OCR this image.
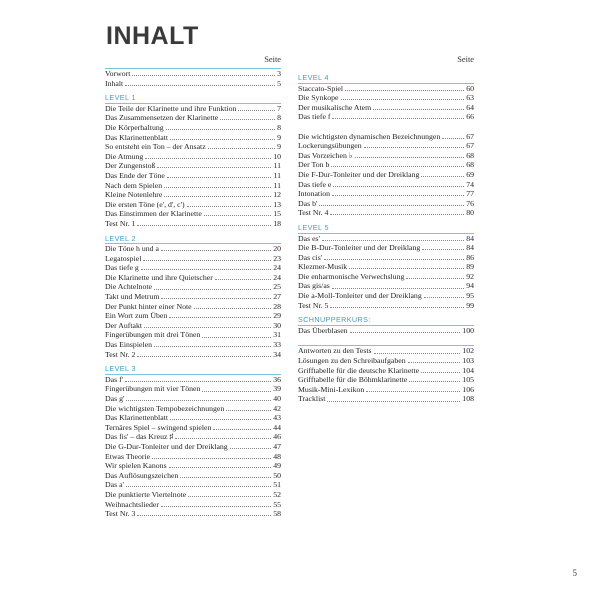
INHALT
Seite
Vorwort	3
Inhalt	5
LEVEL 1
Die Teile der Klarinette und ihre Funktion	7
Das Zusammensetzen der Klarinette	8
Die Körperhaltung	8
Das Klarinettenblatt	9
So entsteht ein Ton – der Ansatz	9
Die Atmung	10
Der Zungenstoß	11
Das Ende der Töne	11
Nach dem Spielen	11
Kleine Notenlehre	12
Die ersten Töne (e', d', c')	13
Das Einstimmen der Klarinette	15
Test Nr. 1	18
LEVEL 2
Die Töne h und a	20
Legatospiel	23
Das tiefe g	24
Die Klarinette und ihre Quietscher	24
Die Achtelnote	25
Takt und Metrum	27
Der Punkt hinter einer Note	28
Ein Wort zum Üben	29
Der Auftakt	30
Fingerübungen mit drei Tönen	31
Das Einspielen	33
Test Nr. 2	34
LEVEL 3
Das f'	36
Fingerübungen mit vier Tönen	39
Das g'	40
Die wichtigsten Tempobezeichnungen	42
Das Klarinettenblatt	43
Ternäres Spiel – swingend spielen	44
Das fis' – das Kreuz ♯	46
Die G-Dur-Tonleiter und der Dreiklang	47
Etwas Theorie	48
Wir spielen Kanons	49
Das Auflösungszeichen	50
Das a'	51
Die punktierte Viertelnote	52
Weihnachtslieder	55
Test Nr. 3	58
Seite
LEVEL 4
Staccato-Spiel	60
Die Synkope	63
Der musikalische Atem	64
Das tiefe f	66
Die wichtigsten dynamischen Bezeichnungen	67
Lockerungsübungen	67
Das Vorzeichen ♭	68
Der Ton b	68
Die F-Dur-Tonleiter und der Dreiklang	69
Das tiefe e	74
Intonation	77
Das b'	76
Test Nr. 4	80
LEVEL 5
Das es'	84
Die B-Dur-Tonleiter und der Dreiklang	84
Das cis'	86
Klezmer-Musik	89
Die enharmonische Verwechslung	92
Das gis/as	94
Die a-Moll-Tonleiter und der Dreiklang	95
Test Nr. 5	99
SCHNUPPERKURS:
Das Überblasen	100
Antworten zu den Tests	102
Lösungen zu den Schreibaufgaben	103
Grifftabelle für die deutsche Klarinette	104
Grifftabelle für die Böhmklarinette	105
Musik-Mini-Lexikon	106
Tracklist	108
5
